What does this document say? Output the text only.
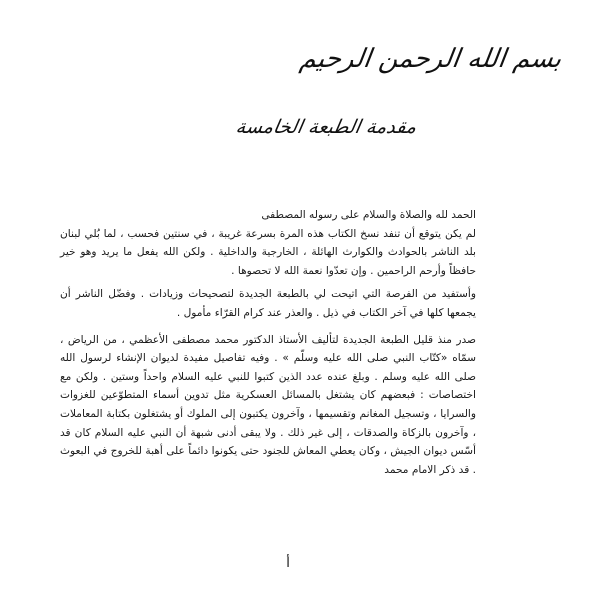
بسم الله الرحمن الرحيم
مقدمة الطبعة الخامسة

الحمد لله والصلاة والسلام على رسوله المصطفى

لم يكن يتوقع أن تنفد نسخ الكتاب هذه المرة بسرعة غريبة ، في سنتين فحسب ، لما بُلي لبنان بلد الناشر بالحوادث والكوارث الهائلة ، الخارجية والداخلية . ولكن الله يفعل ما يريد وهو خير حافظاً وأرحم الراحمين . وإن تعدّوا نعمة الله لا تحصوها .

وأستفيد من الفرصة التي اتيحت لي بالطبعة الجديدة لتصحيحات وزيادات . وفضّل الناشر أن يجمعها كلها في آخر الكتاب في ذيل . والعذر عند كرام القرّاء مأمول .

صدر منذ قليل الطبعة الجديدة لتأليف الأستاذ الدكتور محمد مصطفى الأعظمي ، من الرياض ، سمّاه «كتّاب النبي صلى الله عليه وسلّم » . وفيه تفاصيل مفيدة لديوان الإنشاء لرسول الله صلى الله عليه وسلم . وبلغ عنده عدد الذين كتبوا للنبي عليه السلام واحداً وستين . ولكن مع اختصاصات : فبعضهم كان يشتغل بالمسائل العسكرية مثل تدوين أسماء المتطوّعين للغزوات والسرايا ، وتسجيل المغانم وتقسيمها ، وآخرون يكتبون إلى الملوك أو يشتغلون بكتابة المعاملات ، وآخرون بالزكاة والصدقات ، إلى غير ذلك . ولا يبقى أدنى شبهة أن النبي عليه السلام كان قد أسّس ديوان الجيش ، وكان يعطي المعاش للجنود حتى يكونوا دائماً على أهبة للخروج في البعوث . قد ذكر الامام محمد

أ
